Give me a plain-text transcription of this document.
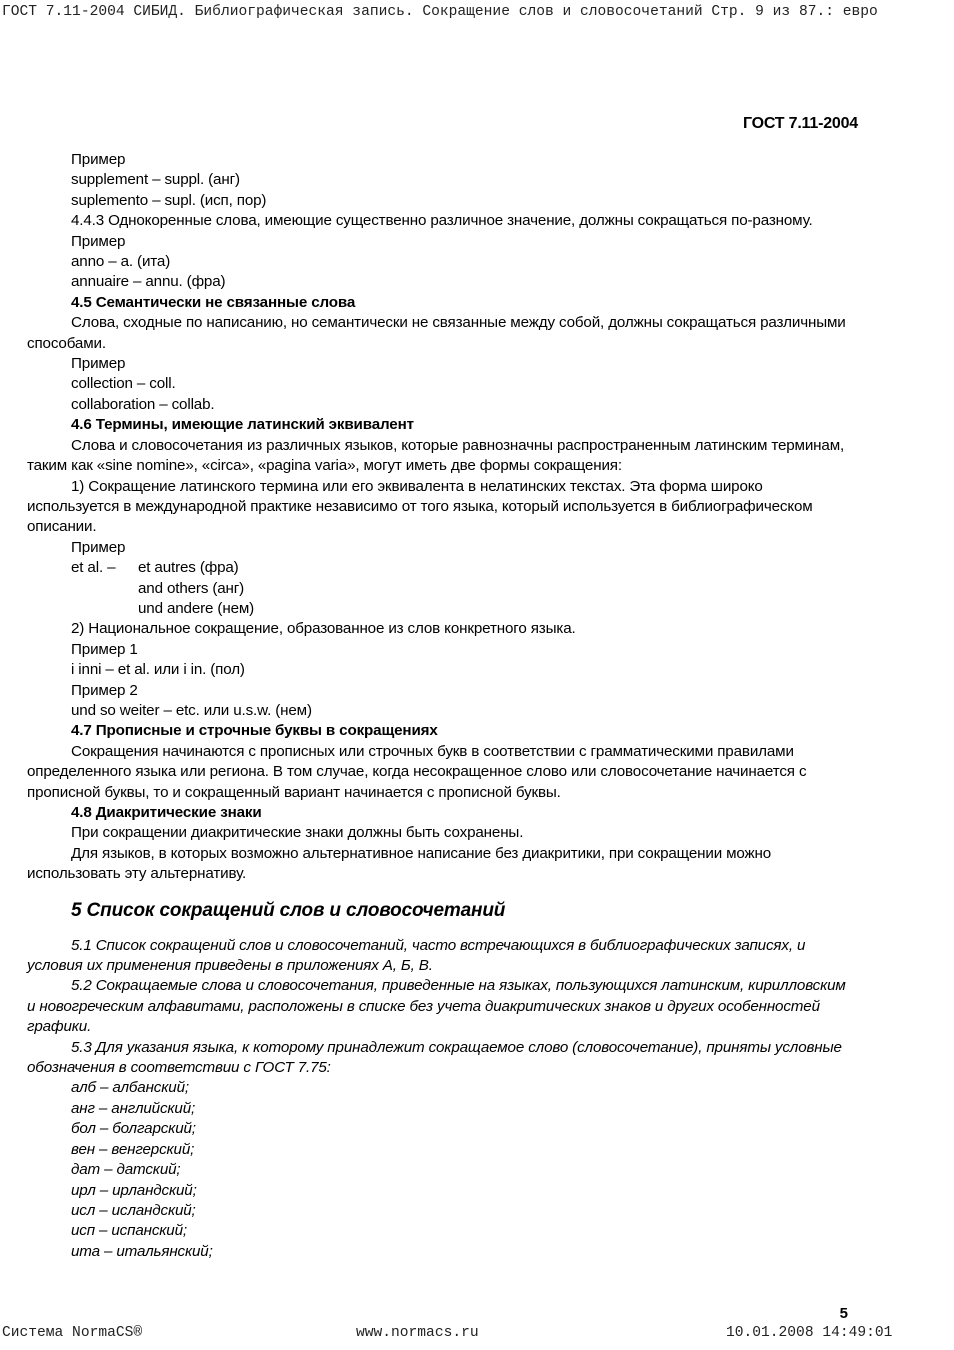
ГОСТ 7.11-2004 СИБИД. Библиографическая запись. Сокращение слов и словосочетаний Стр. 9 из 87.: евро
ГОСТ 7.11-2004

Пример

supplement – suppl. (анг)

suplemento – supl. (исп, пор)

4.4.3 Однокоренные слова, имеющие существенно различное значение, должны сокращаться по-разному.

Пример

anno – a. (ита)

annuaire – annu. (фра)

4.5 Семантически не связанные слова

Слова, сходные по написанию, но семантически не связанные между собой, должны сокращаться различными способами.

Пример

collection – coll.

collaboration – collab.

4.6 Термины, имеющие латинский эквивалент

Слова и словосочетания из различных языков, которые равнозначны распространенным латинским терминам, таким как «sine nomine», «circa», «pagina varia», могут иметь две формы сокращения:

1) Сокращение латинского термина или его эквивалента в нелатинских текстах. Эта форма широко используется в международной практике независимо от того языка, который используется в библиографическом описании.

Пример

et al. –	et autres (фра)

and others (анг)

und andere (нем)

2) Национальное сокращение, образованное из слов конкретного языка.

Пример 1

i inni – et al. или i in. (пол)

Пример 2

und so weiter – etc. или u.s.w. (нем)

4.7 Прописные и строчные буквы в сокращениях

Сокращения начинаются с прописных или строчных букв в соответствии с грамматическими правилами определенного языка или региона. В том случае, когда несокращенное слово или словосочетание начинается с прописной буквы, то и сокращенный вариант начинается с прописной буквы.

4.8 Диакритические знаки

При сокращении диакритические знаки должны быть сохранены.

Для языков, в которых возможно альтернативное написание без диакритики, при сокращении можно использовать эту альтернативу.

5 Список сокращений слов и словосочетаний

5.1 Список сокращений слов и словосочетаний, часто встречающихся в библиографических записях, и условия их применения приведены в приложениях А, Б, В.

5.2 Сокращаемые слова и словосочетания, приведенные на языках, пользующихся латинским, кирилловским и новогреческим алфавитами, расположены в списке без учета диакритических знаков и других особенностей графики.

5.3 Для указания языка, к которому принадлежит сокращаемое слово (словосочетание), приняты условные обозначения в соответствии с ГОСТ 7.75:

алб – албанский;

анг – английский;

бол – болгарский;

вен – венгерский;

дат – датский;

ирл – ирландский;

исл – исландский;

исп – испанский;

ита – итальянский;

5
Система NormaCS®	www.normacs.ru	10.01.2008 14:49:01
